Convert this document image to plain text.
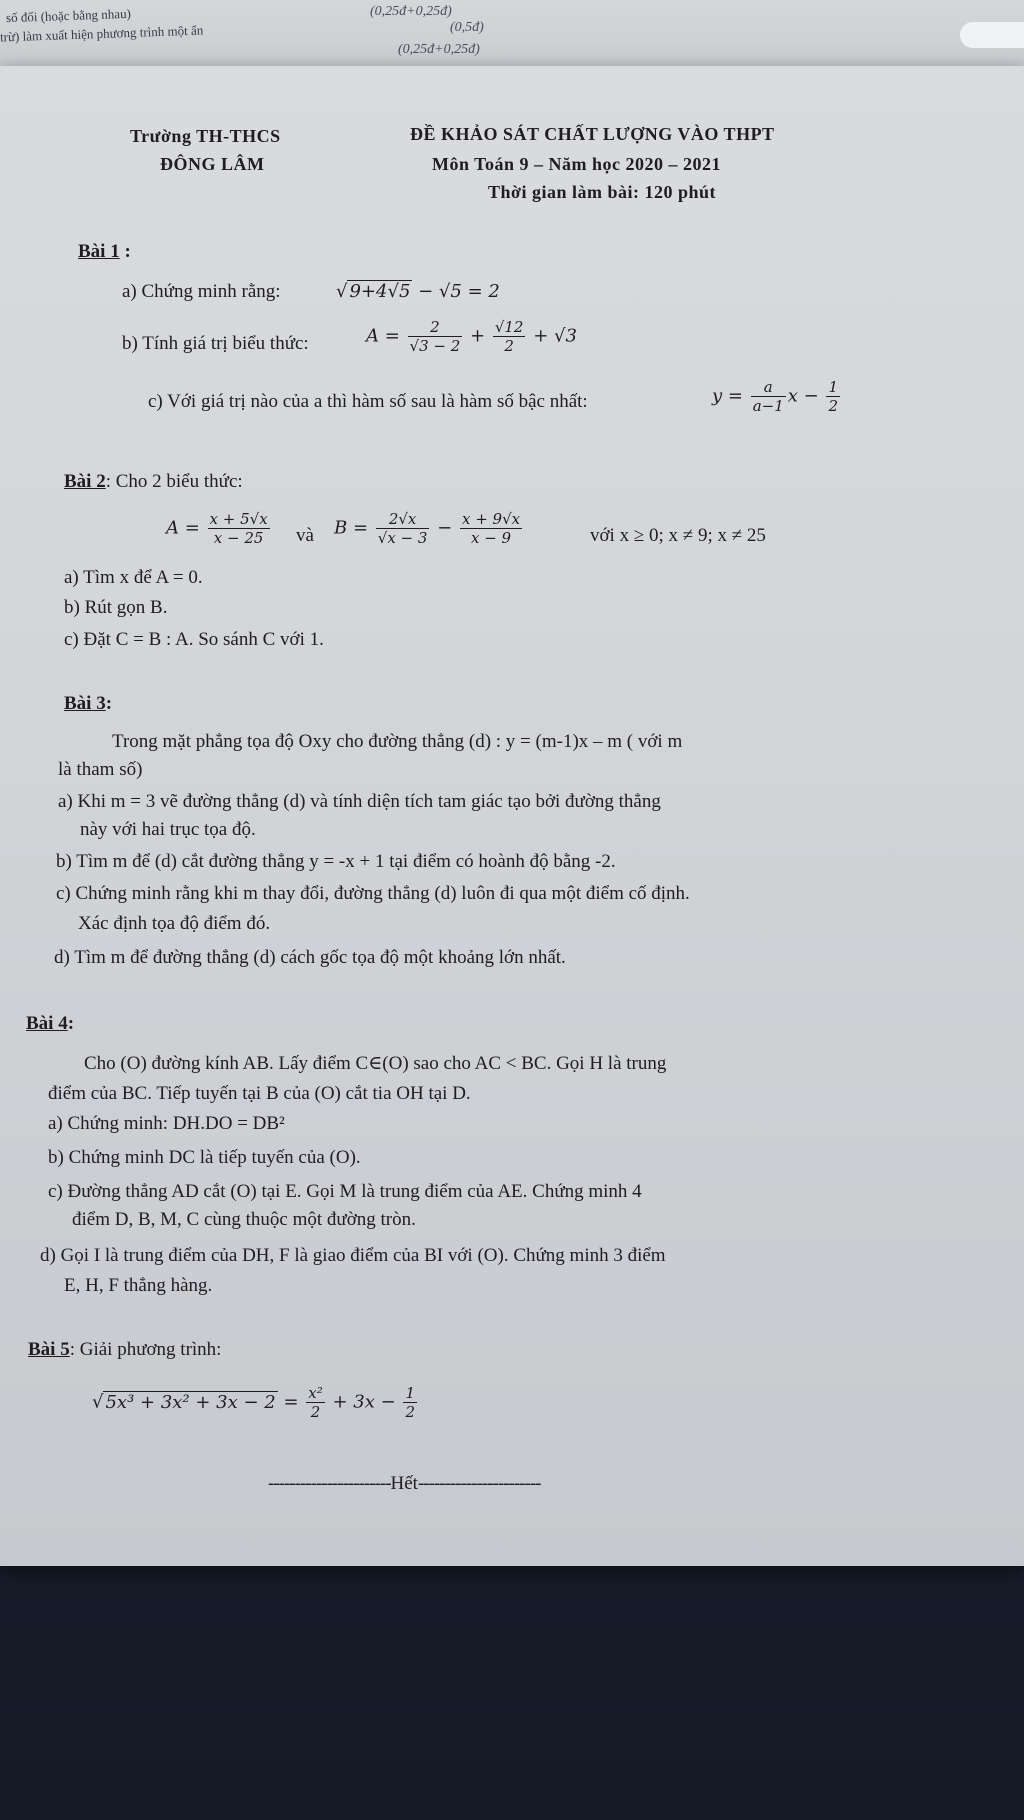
số đối (hoặc bằng nhau)
trừ) làm xuất hiện phương trình một ẩn
(0,25đ+0,25đ)
(0,5đ)
(0,25đ+0,25đ)
Trường TH-THCS
ĐÔNG LÂM
ĐỀ KHẢO SÁT CHẤT LƯỢNG VÀO THPT
Môn Toán 9 – Năm học 2020 – 2021
Thời gian làm bài: 120 phút
Bài 1 :
a) Chứng minh rằng:	√ 9+4√5 − √5 = 2
b) Tính giá trị biểu thức:	$A = \frac{2}{√3 - 2} + \frac{√12}{2} + √3$
c) Với giá trị nào của a thì hàm số sau là hàm số bậc nhất:	$y = \frac{a}{a-1}$ $x - \frac{1}{2}$
Bài 2: Cho 2 biểu thức:
$A = \frac{x + 5√x}{x - 25}$ và $B = \frac{2√x}{√x - 3} - \frac{x + 9√x}{x - 9}$	với x ≥ 0; x ≠ 9; x ≠ 25
a) Tìm x để A = 0.
b) Rút gọn B.
c) Đặt C = B : A. So sánh C với 1.
Bài 3:
Trong mặt phẳng tọa độ Oxy cho đường thẳng (d) : y = (m-1)x – m ( với m
là tham số)
a) Khi m = 3 vẽ đường thẳng (d) và tính diện tích tam giác tạo bởi đường thẳng
này với hai trục tọa độ.
b) Tìm m để (d) cắt đường thẳng y = -x + 1 tại điểm có hoành độ bằng -2.
c) Chứng minh rằng khi m thay đổi, đường thẳng (d) luôn đi qua một điểm cố định.
Xác định tọa độ điểm đó.
d) Tìm m để đường thẳng (d) cách gốc tọa độ một khoảng lớn nhất.
Bài 4:
Cho (O) đường kính AB. Lấy điểm C∈(O) sao cho AC < BC. Gọi H là trung
điểm của BC. Tiếp tuyến tại B của (O) cắt tia OH tại D.
a) Chứng minh: DH.DO = DB²
b) Chứng minh DC là tiếp tuyến của (O).
c) Đường thẳng AD cắt (O) tại E. Gọi M là trung điểm của AE. Chứng minh 4
điểm D, B, M, C cùng thuộc một đường tròn.
d) Gọi I là trung điểm của DH, F là giao điểm của BI với (O). Chứng minh 3 điểm
E, H, F thẳng hàng.
Bài 5: Giải phương trình:
√ $5x^3 + 3x^2 + 3x - 2 = \frac{\text{x²}}{2} + 3x - \frac{1}{2}$
-----------------------Hết-----------------------
